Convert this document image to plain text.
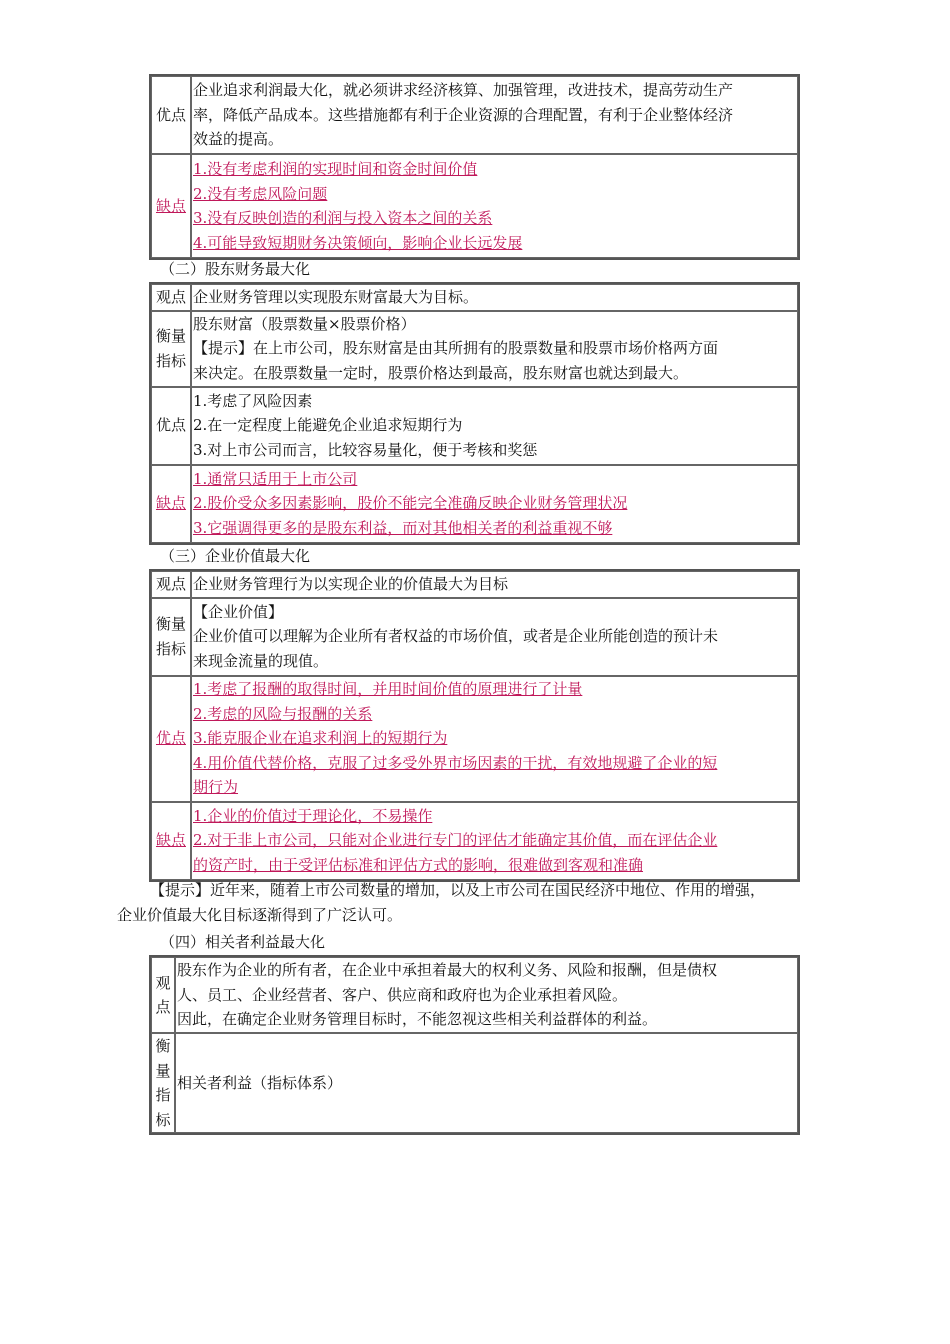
优点	企业追求利润最大化，就必须讲求经济核算、加强管理，改进技术，提高劳动生产
率，降低产品成本。这些措施都有利于企业资源的合理配置，有利于企业整体经济
效益的提高。

缺点	1.没有考虑利润的实现时间和资金时间价值
2.没有考虑风险问题
3.没有反映创造的利润与投入资本之间的关系
4.可能导致短期财务决策倾向，影响企业长远发展
（二）股东财务最大化
观点	企业财务管理以实现股东财富最大为目标。

衡量
指标	股东财富（股票数量×股票价格）
【提示】在上市公司，股东财富是由其所拥有的股票数量和股票市场价格两方面
来决定。在股票数量一定时，股票价格达到最高，股东财富也就达到最大。

优点	1.考虑了风险因素
2.在一定程度上能避免企业追求短期行为
3.对上市公司而言，比较容易量化，便于考核和奖惩

缺点	1.通常只适用于上市公司
2.股价受众多因素影响，股价不能完全准确反映企业财务管理状况
3.它强调得更多的是股东利益，而对其他相关者的利益重视不够
（三）企业价值最大化
观点	企业财务管理行为以实现企业的价值最大为目标

衡量
指标	【企业价值】
企业价值可以理解为企业所有者权益的市场价值，或者是企业所能创造的预计未
来现金流量的现值。

优点	1.考虑了报酬的取得时间，并用时间价值的原理进行了计量
2.考虑的风险与报酬的关系
3.能克服企业在追求利润上的短期行为
4.用价值代替价格，克服了过多受外界市场因素的干扰，有效地规避了企业的短
期行为

缺点	1.企业的价值过于理论化，不易操作
2.对于非上市公司，只能对企业进行专门的评估才能确定其价值，而在评估企业
的资产时，由于受评估标准和评估方式的影响，很难做到客观和准确
【提示】近年来，随着上市公司数量的增加，以及上市公司在国民经济中地位、作用的增强，
企业价值最大化目标逐渐得到了广泛认可。
（四）相关者利益最大化
观
点	股东作为企业的所有者，在企业中承担着最大的权利义务、风险和报酬，但是债权
人、员工、企业经营者、客户、供应商和政府也为企业承担着风险。
因此，在确定企业财务管理目标时，不能忽视这些相关利益群体的利益。

衡
量
指
标	相关者利益（指标体系）
